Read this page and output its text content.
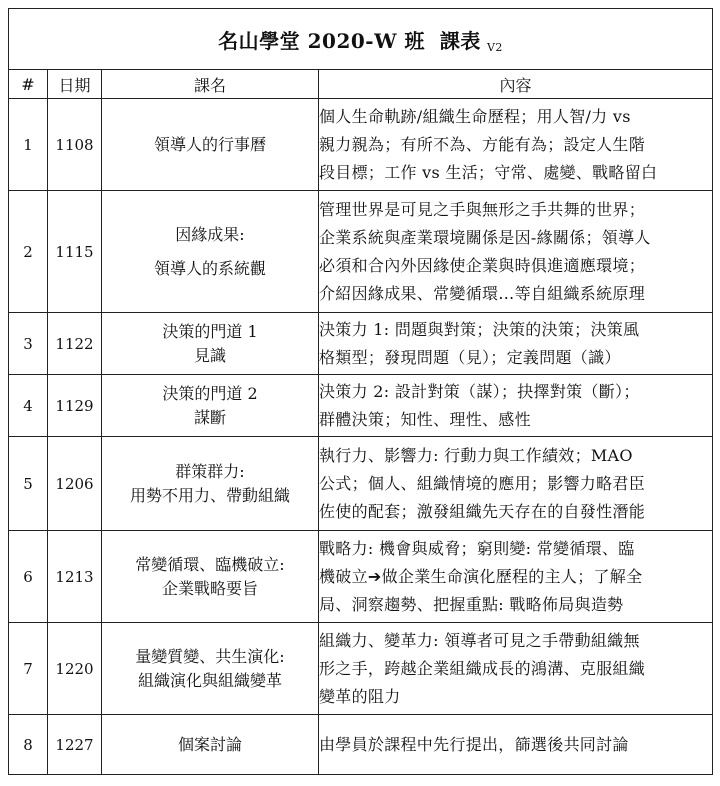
名山學堂 2020-W 班  課表 V2			
#	日期	課名	內容
1	1108	領導人的行事曆	個人生命軌跡/組織生命歷程；用人智/力 vs
親力親為；有所不為、方能有為；設定人生階
段目標；工作 vs 生活；守常、處變、戰略留白

2	1115	因緣成果:
領導人的系統觀	管理世界是可見之手與無形之手共舞的世界；
企業系統與產業環境關係是因-緣關係；領導人
必須和合內外因緣使企業與時俱進適應環境；
介紹因緣成果、常變循環…等自組織系統原理

3	1122	決策的門道 1
見識	決策力 1: 問題與對策；決策的決策；決策風
格類型；發現問題（見）；定義問題（識）

4	1129	決策的門道 2
謀斷	決策力 2: 設計對策（謀）；抉擇對策（斷）；
群體決策；知性、理性、感性

5	1206	群策群力:
用勢不用力、帶動組織	執行力、影響力: 行動力與工作績效；MAO
公式；個人、組織情境的應用；影響力略君臣
佐使的配套；激發組織先天存在的自發性潛能

6	1213	常變循環、臨機破立:
企業戰略要旨	戰略力: 機會與威脅；窮則變: 常變循環、臨
機破立➔做企業生命演化歷程的主人；了解全
局、洞察趨勢、把握重點: 戰略佈局與造勢

7	1220	量變質變、共生演化:
組織演化與組織變革	組織力、變革力: 領導者可見之手帶動組織無
形之手，跨越企業組織成長的鴻溝、克服組織
變革的阻力

8	1227	個案討論	由學員於課程中先行提出，篩選後共同討論
